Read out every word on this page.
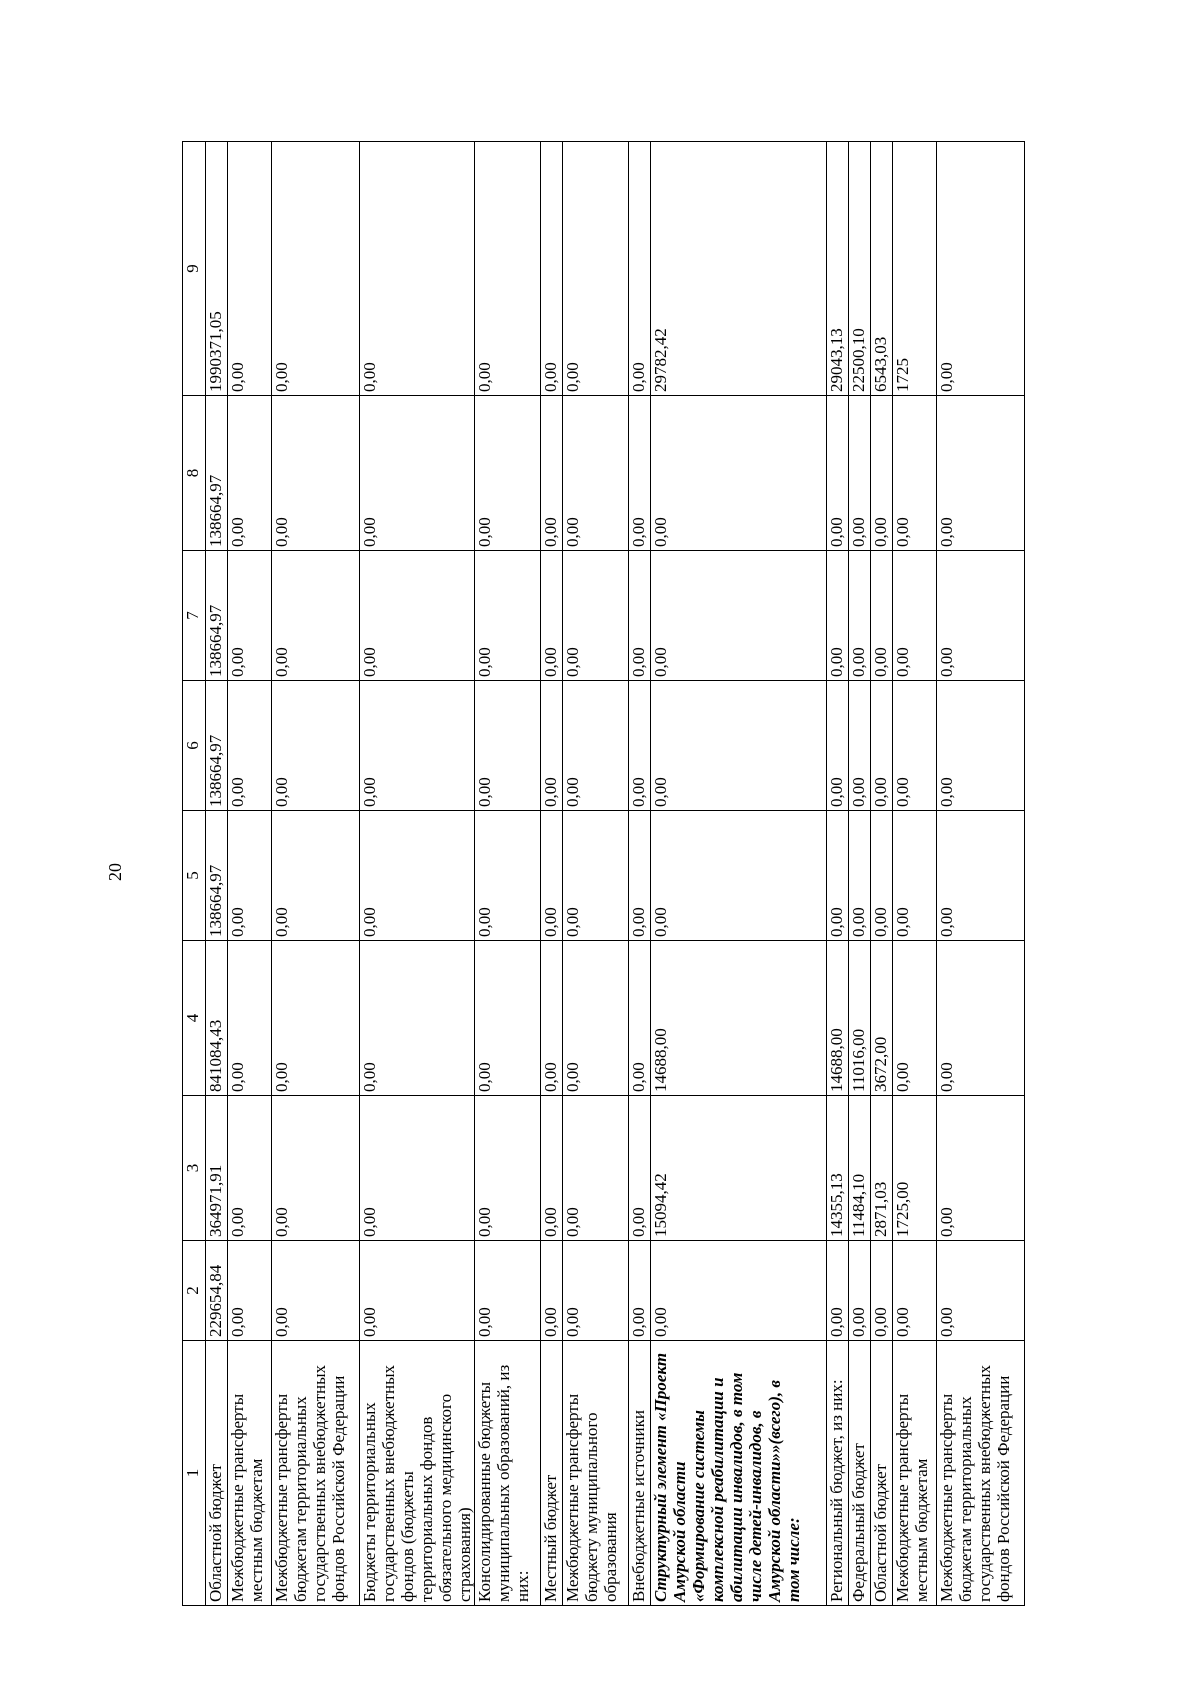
20
1	2	3	4	5	6	7	8	9
Областной бюджет	229654,84	364971,91	841084,43	138664,97	138664,97	138664,97	138664,97	1990371,05
Межбюджетные трансферты местным бюджетам	0,00	0,00	0,00	0,00	0,00	0,00	0,00	0,00
Межбюджетные трансферты бюджетам территориальных государственных внебюджетных фондов Российской Федерации	0,00	0,00	0,00	0,00	0,00	0,00	0,00	0,00
Бюджеты территориальных государственных внебюджетных фондов (бюджеты территориальных фондов обязательного медицинского страхования)	0,00	0,00	0,00	0,00	0,00	0,00	0,00	0,00
Консолидированные бюджеты муниципальных образований, из них:	0,00	0,00	0,00	0,00	0,00	0,00	0,00	0,00
Местный бюджет	0,00	0,00	0,00	0,00	0,00	0,00	0,00	0,00
Межбюджетные трансферты бюджету муниципального образования	0,00	0,00	0,00	0,00	0,00	0,00	0,00	0,00
Внебюджетные источники	0,00	0,00	0,00	0,00	0,00	0,00	0,00	0,00
Структурный элемент «Проект Амурской области «Формирование системы комплексной реабилитации и абилитации инвалидов, в том числе детей-инвалидов, в Амурской области»»(всего), в том числе:	0,00	15094,42	14688,00	0,00	0,00	0,00	0,00	29782,42
Региональный бюджет, из них:	0,00	14355,13	14688,00	0,00	0,00	0,00	0,00	29043,13
Федеральный бюджет	0,00	11484,10	11016,00	0,00	0,00	0,00	0,00	22500,10
Областной бюджет	0,00	2871,03	3672,00	0,00	0,00	0,00	0,00	6543,03
Межбюджетные трансферты местным бюджетам	0,00	1725,00	0,00	0,00	0,00	0,00	0,00	1725
Межбюджетные трансферты бюджетам территориальных государственных внебюджетных фондов Российской Федерации	0,00	0,00	0,00	0,00	0,00	0,00	0,00	0,00
